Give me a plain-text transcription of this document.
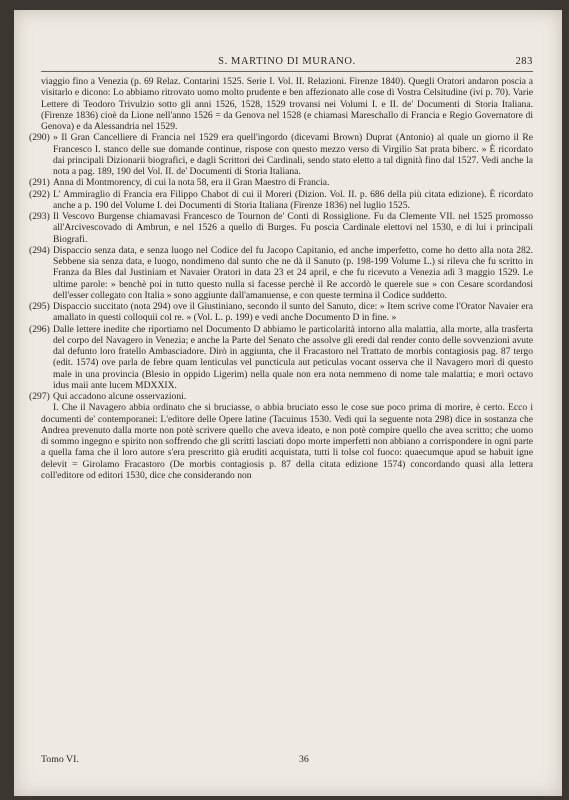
S. MARTINO DI MURANO.	283
viaggio fino a Venezia (p. 69 Relaz. Contarini 1525. Serie I. Vol. II. Relazioni. Firenze 1840). Quegli Oratori andaron poscia a visitarlo e dicono: Lo abbiamo ritrovato uomo molto prudente e ben affezionato alle cose di Vostra Celsitudine (ivi p. 70). Varie Lettere di Teodoro Trivulzio sotto gli anni 1526, 1528, 1529 trovansi nei Volumi I. e II. de' Documenti di Storia Italiana. (Firenze 1836) cioè da Lione nell'anno 1526 = da Genova nel 1528 (e chiamasi Mareschallo di Francia e Regio Governatore di Genova) e da Alessandria nel 1529.
(290) » Il Gran Cancelliere di Francia nel 1529 era quell'ingordo (dicevami Brown) Duprat (Antonio) al quale un giorno il Re Francesco I. stanco delle sue domande continue, rispose con questo mezzo verso di Virgilio Sat prata biberc. » È ricordato dai principali Dizionarii biografici, e dagli Scrittori dei Cardinali, sendo stato eletto a tal dignità fino dal 1527. Vedi anche la nota a pag. 189, 190 del Vol. II. de' Documenti di Storia Italiana.
(291) Anna di Montmorency, di cui la nota 58, era il Gran Maestro di Francia.
(292) L' Ammiraglio di Francia era Filippo Chabot di cui il Moreri (Dizion. Vol. II. p. 686 della più citata edizione). È ricordato anche a p. 190 del Volume I. dei Documenti di Storia Italiana (Firenze 1836) nel luglio 1525.
(293) Il Vescovo Burgense chiamavasi Francesco de Tournon de' Conti di Rossiglione. Fu da Clemente VII. nel 1525 promosso all'Arcivescovado di Ambrun, e nel 1526 a quello di Burges. Fu poscia Cardinale elettovi nel 1530, e di lui i principali Biografi.
(294) Dispaccio senza data, e senza luogo nel Codice del fu Jacopo Capitanio, ed anche imperfetto, come ho detto alla nota 282. Sebbene sia senza data, e luogo, nondimeno dal sunto che ne dà il Sanuto (p. 198-199 Volume L.) si rileva che fu scritto in Franza da Bles dal Justiniam et Navaier Oratori in data 23 et 24 april, e che fu ricevuto a Venezia adì 3 maggio 1529. Le ultime parole: » benchè poi in tutto questo nulla si facesse perchè il Re accordò le querele sue » con Cesare scordandosi dell'esser collegato con Italia » sono aggiunte dall'amanuense, e con queste termina il Codice suddetto.
(295) Dispaccio succitato (nota 294) ove il Giustiniano, secondo il sunto del Sanuto, dice: » Item scrive come l'Orator Navaier era amallato in questi colloquii col re. » (Vol. L. p. 199) e vedi anche Documento D in fine. »
(296) Dalle lettere inedite che riportiamo nel Documento D abbiamo le particolarità intorno alla malattia, alla morte, alla trasferta del corpo del Navagero in Venezia; e anche la Parte del Senato che assolve gli eredi dal render conto delle sovvenzioni avute dal defunto loro fratello Ambasciadore. Dirò in aggiunta, che il Fracastoro nel Trattato de morbis contagiosis pag. 87 tergo (edit. 1574) ove parla de febre quam lenticulas vel puncticula aut peticulas vocant osserva che il Navagero morì di questo male in una provincia (Blesio in oppido Ligerim) nella quale non era nota nemmeno di nome tale malattia; e morì octavo idus maii ante lucem MDXXIX.
(297) Qui accadono alcune osservazioni.
I. Che il Navagero abbia ordinato che si bruciasse, o abbia bruciato esso le cose sue poco prima di morire, è certo. Ecco i documenti de' contemporanei: L'editore delle Opere latine (Tacuinus 1530. Vedi qui la seguente nota 298) dice in sostanza che Andrea prevenuto dalla morte non potè scrivere quello che aveva ideato, e non potè compire quello che avea scritto; che uomo di sommo ingegno e spirito non soffrendo che gli scritti lasciati dopo morte imperfetti non abbiano a corrispondere in ogni parte a quella fama che il loro autore s'era prescritto già eruditi acquistata, tutti li tolse col fuoco: quaecumque apud se habuit igne delevit = Girolamo Fracastoro (De morbis contagiosis p. 87 della citata edizione 1574) concordando quasi alla lettera coll'editore od editori 1530, dice che considerando non
Tomo VI.	36
